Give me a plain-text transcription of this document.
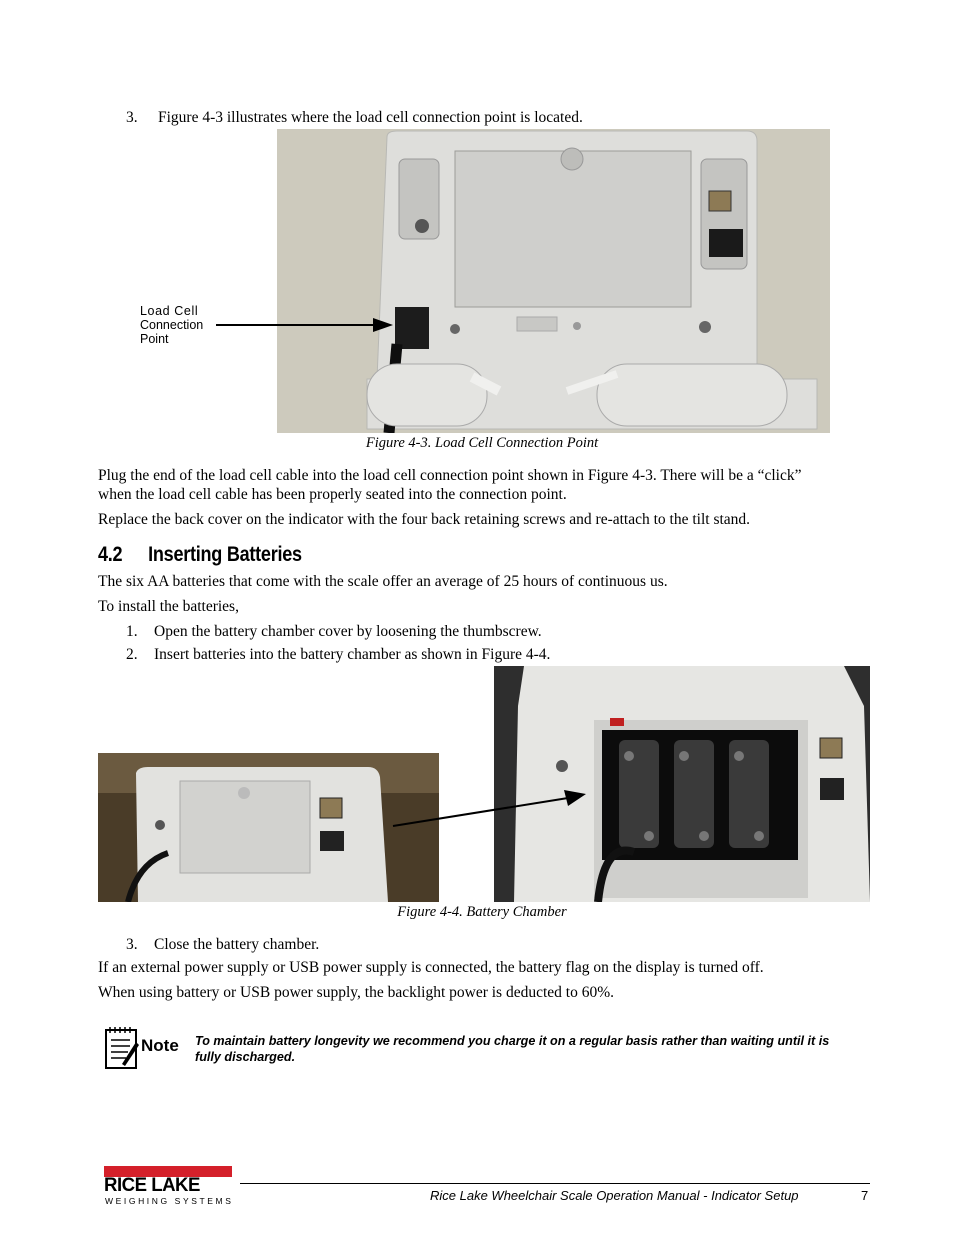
3. Figure 4-3 illustrates where the load cell connection point is located.
Load Cell
Connection
Point
Figure 4-3. Load Cell Connection Point
Plug the end of the load cell cable into the load cell connection point shown in Figure 4-3. There will be a “click”
when the load cell cable has been properly seated into the connection point.
Replace the back cover on the indicator with the four back retaining screws and re-attach to the tilt stand.
4.2 Inserting Batteries
The six AA batteries that come with the scale offer an average of 25 hours of continuous us.
To install the batteries,
1. Open the battery chamber cover by loosening the thumbscrew.
2. Insert batteries into the battery chamber as shown in Figure 4-4.
Figure 4-4. Battery Chamber
3. Close the battery chamber.
If an external power supply or USB power supply is connected, the battery flag on the display is turned off.
When using battery or USB power supply, the backlight power is deducted to 60%.
Note To maintain battery longevity we recommend you charge it on a regular basis rather than waiting until it is
fully discharged.
RICE LAKE
WEIGHING SYSTEMS	Rice Lake Wheelchair Scale Operation Manual - Indicator Setup	7
